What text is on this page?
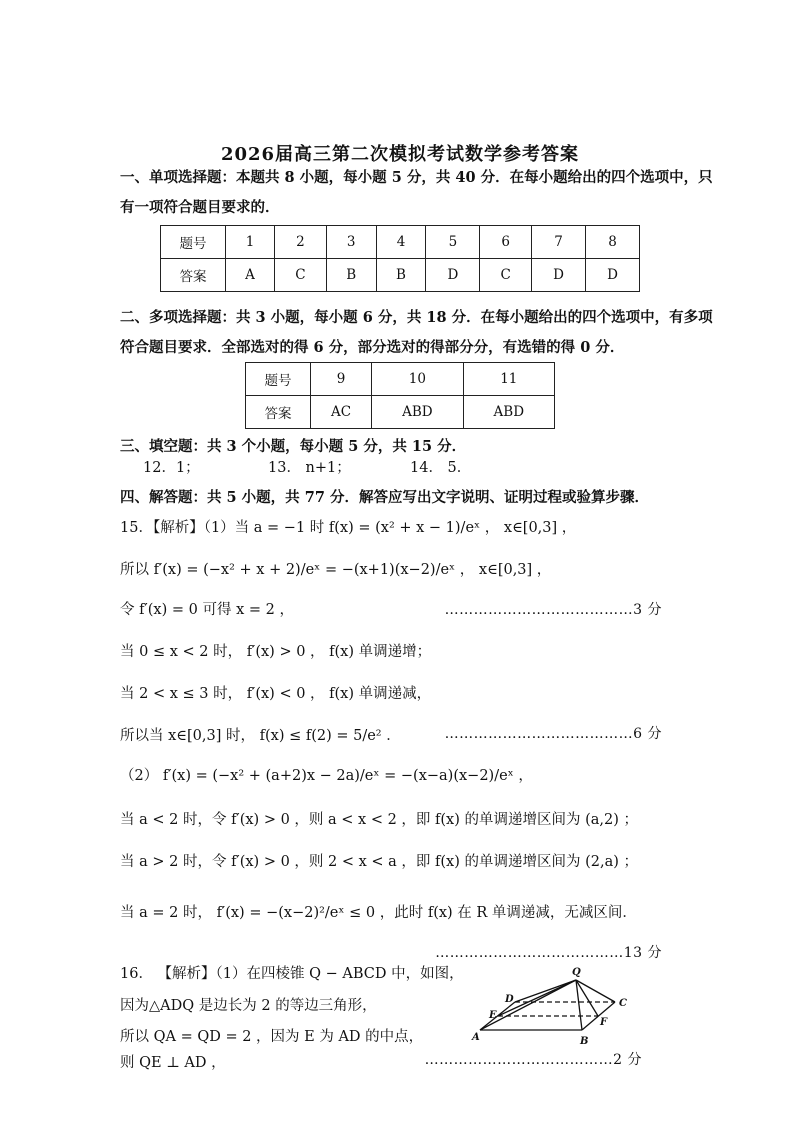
2026届高三第二次模拟考试数学参考答案
一、单项选择题：本题共 8 小题，每小题 5 分，共 40 分．在每小题给出的四个选项中，只
有一项符合题目要求的．
题号	1	2	3	4	5	6	7	8
答案	A	C	B	B	D	C	D	D
二、多项选择题：共 3 小题，每小题 6 分，共 18 分．在每小题给出的四个选项中，有多项
符合题目要求．全部选对的得 6 分，部分选对的得部分分，有选错的得 0 分．
题号	9	10	11
答案	AC	ABD	ABD
三、填空题：共 3 个小题，每小题 5 分，共 15 分．
12．1；	13． n+1；	14． 5．
四、解答题：共 5 小题，共 77 分．解答应写出文字说明、证明过程或验算步骤．
15．【解析】（1）当 a = −1 时 f(x) = (x² + x − 1)/eˣ ， x∈[0,3] ，
所以 f′(x) = (−x² + x + 2)/eˣ = −(x+1)(x−2)/eˣ ， x∈[0,3] ，
令 f′(x) = 0 可得 x = 2 ，	…………………………………3 分
当 0 ≤ x < 2 时， f′(x) > 0 ， f(x) 单调递增；
当 2 < x ≤ 3 时， f′(x) < 0 ， f(x) 单调递减，
所以当 x∈[0,3] 时， f(x) ≤ f(2) = 5/e² ．	…………………………………6 分
（2） f′(x) = (−x² + (a+2)x − 2a)/eˣ = −(x−a)(x−2)/eˣ ，
当 a < 2 时，令 f′(x) > 0 ，则 a < x < 2 ，即 f(x) 的单调递增区间为 (a,2) ；
当 a > 2 时，令 f′(x) > 0 ，则 2 < x < a ，即 f(x) 的单调递增区间为 (2,a) ；
当 a = 2 时， f′(x) = −(x−2)²/eˣ ≤ 0 ，此时 f(x) 在 R 单调递减，无减区间．
…………………………………13 分
16． 【解析】（1）在四棱锥 Q − ABCD 中，如图，
因为△ADQ 是边长为 2 的等边三角形，
所以 QA = QD = 2 ，因为 E 为 AD 的中点，
则 QE ⊥ AD ，	…………………………………2 分
Q
D	C
E
F
A	B
